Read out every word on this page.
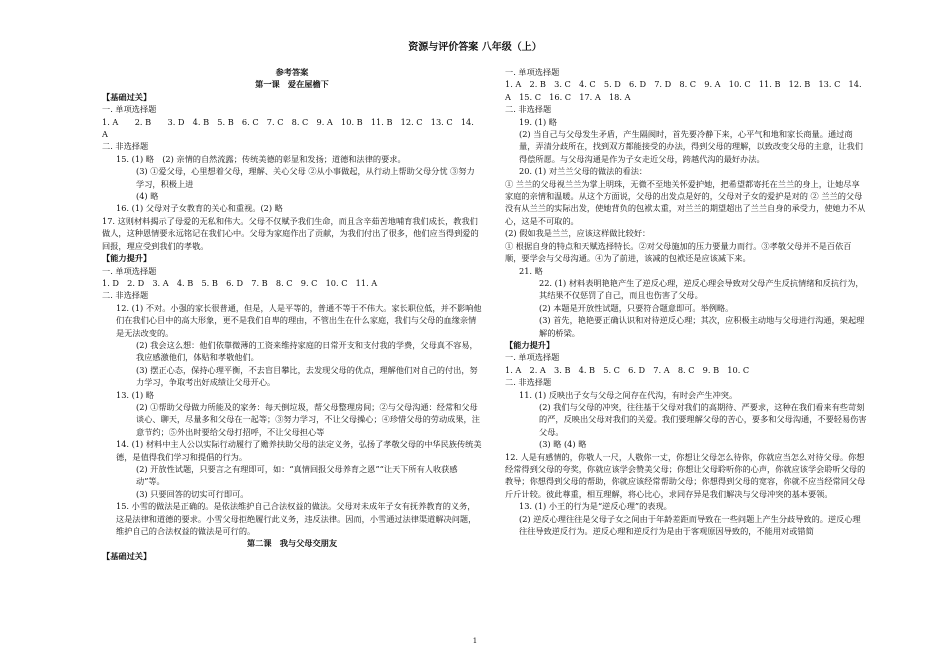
资源与评价答案 八年级（上）

参考答案

第一课　爱在屋檐下

【基础过关】

一. 单项选择题

1. A　　2. B　　3. D　4. B　5. B　6. C　7. C　8. C　9. A　10. B　11. B　12. C　13. C　14. A

二. 非选择题

15. (1) 略　(2) 亲情的自然流露；传统美德的彰显和发扬；道德和法律的要求。

(3) ①爱父母，心里想着父母，理解、关心父母 ②从小事做起，从行动上帮助父母分忧 ③努力学习，积极上进

(4) 略

16. (1) 父母对子女教育的关心和重视。(2) 略

17. 这则材料揭示了母爱的无私和伟大。父母不仅赋予我们生命，而且含辛茹苦地哺育我们成长，教我们做人，这种恩情要永远铭记在我们心中。父母为家庭作出了贡献，为我们付出了很多，他们应当得到爱的回报，理应受到我们的孝敬。

【能力提升】

一. 单项选择题

1. D　2. D　3. A　4. B　5. B　6. D　7. B　8. C　9. C　10. C　11. A

二. 非选择题

12. (1) 不对。小强的家长很普通，但是，人是平等的，普通不等于不伟大。家长职位低，并不影响他们在我们心目中的高大形象，更不是我们自卑的理由，不管出生在什么家庭，我们与父母的血缘亲情是无法改变的。

(2) 我会这么想：他们依靠微薄的工资来维持家庭的日常开支和支付我的学费，父母真不容易，我应感激他们，体贴和孝敬他们。

(3) 摆正心态，保持心理平衡，不去盲目攀比，去发现父母的优点，理解他们对自己的付出，努力学习，争取考出好成绩让父母开心。

13. (1) 略

(2) ①帮助父母做力所能及的家务：每天倒垃圾，帮父母整理房间；②与父母沟通：经常和父母谈心、聊天，尽量多和父母在一起等；③努力学习，不让父母操心；④珍惜父母的劳动成果，注意节约；⑤外出时要给父母打招呼，不让父母担心等

14. (1) 材料中主人公以实际行动履行了赡养扶助父母的法定义务，弘扬了孝敬父母的中华民族传统美德，是值得我们学习和提倡的行为。

(2) 开放性试题，只要言之有理即可，如：“真情回报父母养育之恩”“让天下所有人收获感动”等。

(3) 只要回答的切实可行即可。

15. 小雪的做法是正确的。是依法维护自己合法权益的做法。父母对未成年子女有抚养教育的义务，这是法律和道德的要求。小雪父母拒绝履行此义务，违反法律。因而，小雪通过法律渠道解决问题，维护自己的合法权益的做法是可行的。

第二课　我与父母交朋友

【基础过关】

一. 单项选择题

1. A　2. B　3. C　4. C　5. D　6. D　7. D　8. C　9. A　10. C　11. B　12. B　13. C　14. A　15. C　16. C　17. A　18. A

二. 非选择题

19. (1) 略

(2) 当自己与父母发生矛盾，产生隔阂时，首先要冷静下来，心平气和地和家长商量。通过商量，弄清分歧所在，找到双方都能接受的办法，得到父母的理解，以致改变父母的主意，让我们得偿所愿。与父母沟通是作为子女走近父母，跨越代沟的最好办法。

20. (1) 对兰兰父母的做法的看法：

① 兰兰的父母视兰兰为掌上明珠，无微不至地关怀爱护她，把希望都寄托在兰兰的身上，让她尽享家庭的亲情和温暖。从这个方面说，父母的出发点是好的，父母对子女的爱护是对的 ② 兰兰的父母没有从兰兰的实际出发，使她背负的包袱太重，对兰兰的期望超出了兰兰自身的承受力，使她力不从心，这是不可取的。

(2) 假如我是兰兰，应该这样做比较好：

① 根据自身的特点和天赋选择特长。②对父母施加的压力要量力而行。③孝敬父母并不是百依百顺，要学会与父母沟通。④为了前进，该减的包袱还是应该减下来。

21. 略

22. (1) 材料表明艳艳产生了逆反心理，逆反心理会导致对父母产生反抗情绪和反抗行为，其结果不仅惩罚了自己，而且也伤害了父母。

(2) 本题是开放性试题，只要符合题意即可。举例略。

(3) 首先，艳艳要正确认识和对待逆反心理；其次，应积极主动地与父母进行沟通，架起理解的桥梁。

【能力提升】

一. 单项选择题

1. A　2. A　3. B　4. B　5. C　6. D　7. A　8. C　9. B　10. C

二. 非选择题

11. (1) 反映出子女与父母之间存在代沟，有时会产生冲突。

(2) 我们与父母的冲突，往往基于父母对我们的高期待、严要求，这种在我们看来有些苛刻的严，反映出父母对我们的关爱。我们要理解父母的苦心，要多和父母沟通，不要轻易伤害父母。

(3) 略 (4) 略

12. 人是有感情的，你敬人一尺，人敬你一丈，你想让父母怎么待你，你就应当怎么对待父母。你想经常得到父母的夸奖，你就应该学会赞美父母；你想让父母聆听你的心声，你就应该学会聆听父母的教导；你想得到父母的帮助，你就应该经常帮助父母；你想得到父母的宽容，你就不应当经常同父母斤斤计较。彼此尊重，相互理解，将心比心，求同存异是我们解决与父母冲突的基本要领。

13. (1) 小王的行为是“逆反心理”的表现。

(2) 逆反心理往往是父母子女之间由于年龄差距而导致在一些问题上产生分歧导致的。逆反心理往往导致逆反行为。逆反心理和逆反行为是由于客观原因导致的，不能用对或错简

1
